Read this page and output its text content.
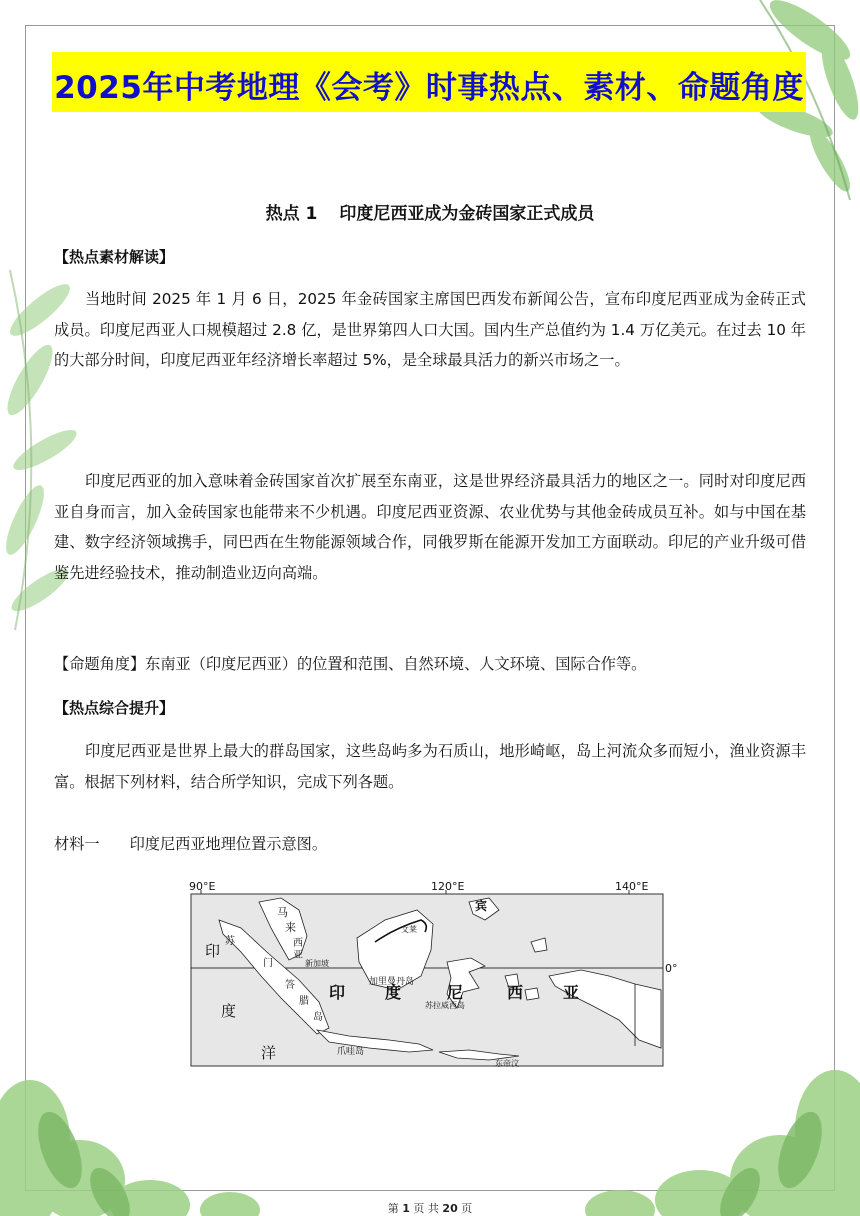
2025年中考地理《会考》时事热点、素材、命题角度
热点 1 印度尼西亚成为金砖国家正式成员
【热点素材解读】
当地时间 2025 年 1 月 6 日，2025 年金砖国家主席国巴西发布新闻公告，宣布印度尼西亚成为金砖正式成员。印度尼西亚人口规模超过 2.8 亿，是世界第四人口大国。国内生产总值约为 1.4 万亿美元。在过去 10 年的大部分时间，印度尼西亚年经济增长率超过 5%，是全球最具活力的新兴市场之一。
印度尼西亚的加入意味着金砖国家首次扩展至东南亚，这是世界经济最具活力的地区之一。同时对印度尼西亚自身而言，加入金砖国家也能带来不少机遇。印度尼西亚资源、农业优势与其他金砖成员互补。如与中国在基建、数字经济领域携手，同巴西在生物能源领域合作，同俄罗斯在能源开发加工方面联动。印尼的产业升级可借鉴先进经验技术，推动制造业迈向高端。
【命题角度】东南亚（印度尼西亚）的位置和范围、自然环境、人文环境、国际合作等。
【热点综合提升】
印度尼西亚是世界上最大的群岛国家，这些岛屿多为石质山，地形崎岖，岛上河流众多而短小，渔业资源丰富。根据下列材料，结合所学知识，完成下列各题。
材料一 印度尼西亚地理位置示意图。
90°E	120°E	140°E
0°
马
来
西
亚
新加坡
苏
门
答
腊
岛
文莱
加里曼丹岛
印 度	尼	西 亚
苏拉威西岛
爪哇岛
东帝汶
印
度
洋
宾
第 1 页 共 20 页
